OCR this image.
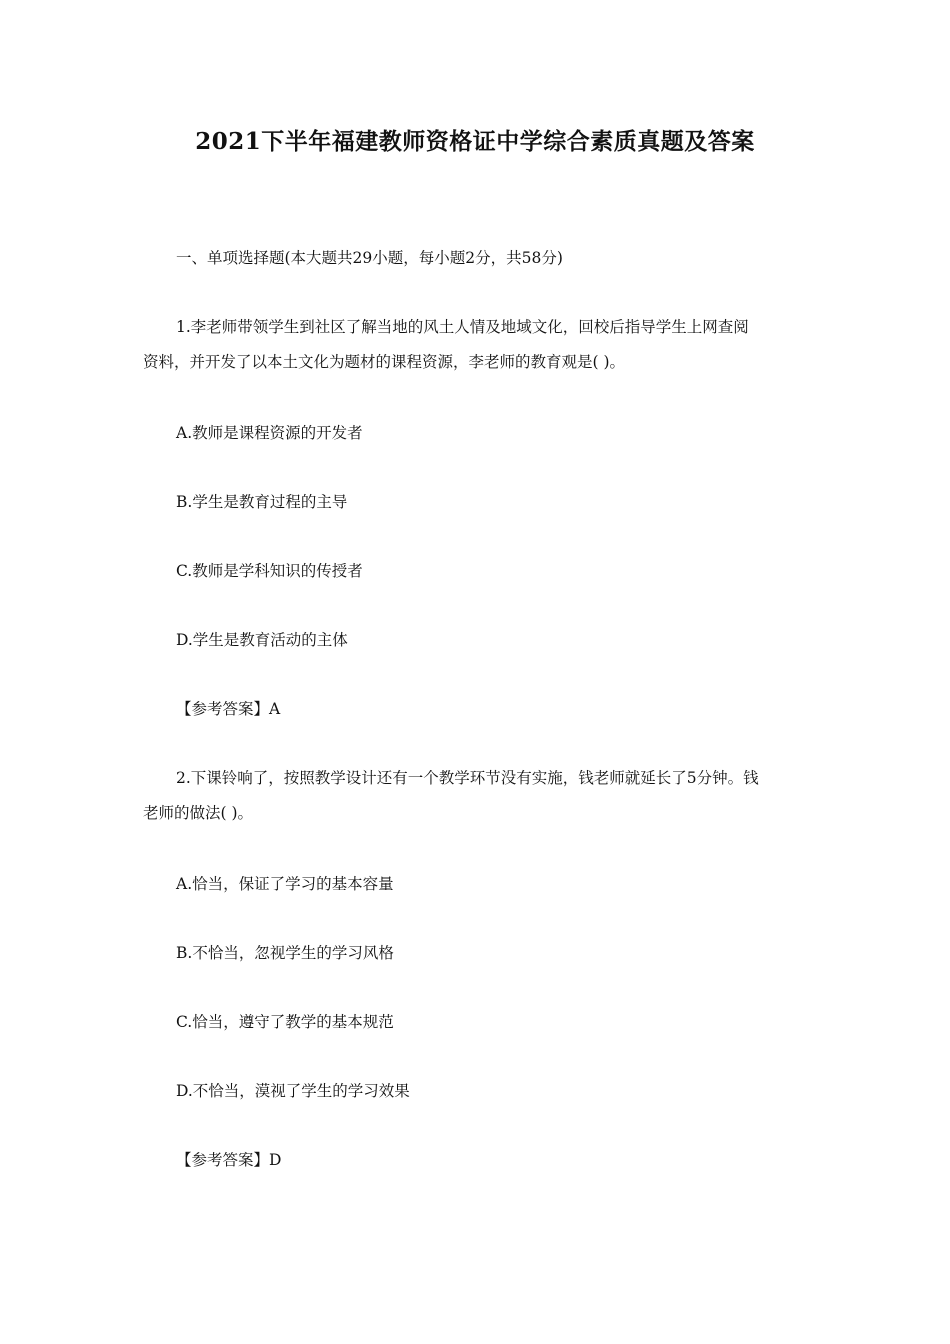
2021下半年福建教师资格证中学综合素质真题及答案
一、单项选择题(本大题共29小题，每小题2分，共58分)
1.李老师带领学生到社区了解当地的风土人情及地域文化，回校后指导学生上网查阅
资料，并开发了以本土文化为题材的课程资源，李老师的教育观是( )。
A.教师是课程资源的开发者
B.学生是教育过程的主导
C.教师是学科知识的传授者
D.学生是教育活动的主体
【参考答案】A
2.下课铃响了，按照教学设计还有一个教学环节没有实施，钱老师就延长了5分钟。钱
老师的做法( )。
A.恰当，保证了学习的基本容量
B.不恰当，忽视学生的学习风格
C.恰当，遵守了教学的基本规范
D.不恰当，漠视了学生的学习效果
【参考答案】D
